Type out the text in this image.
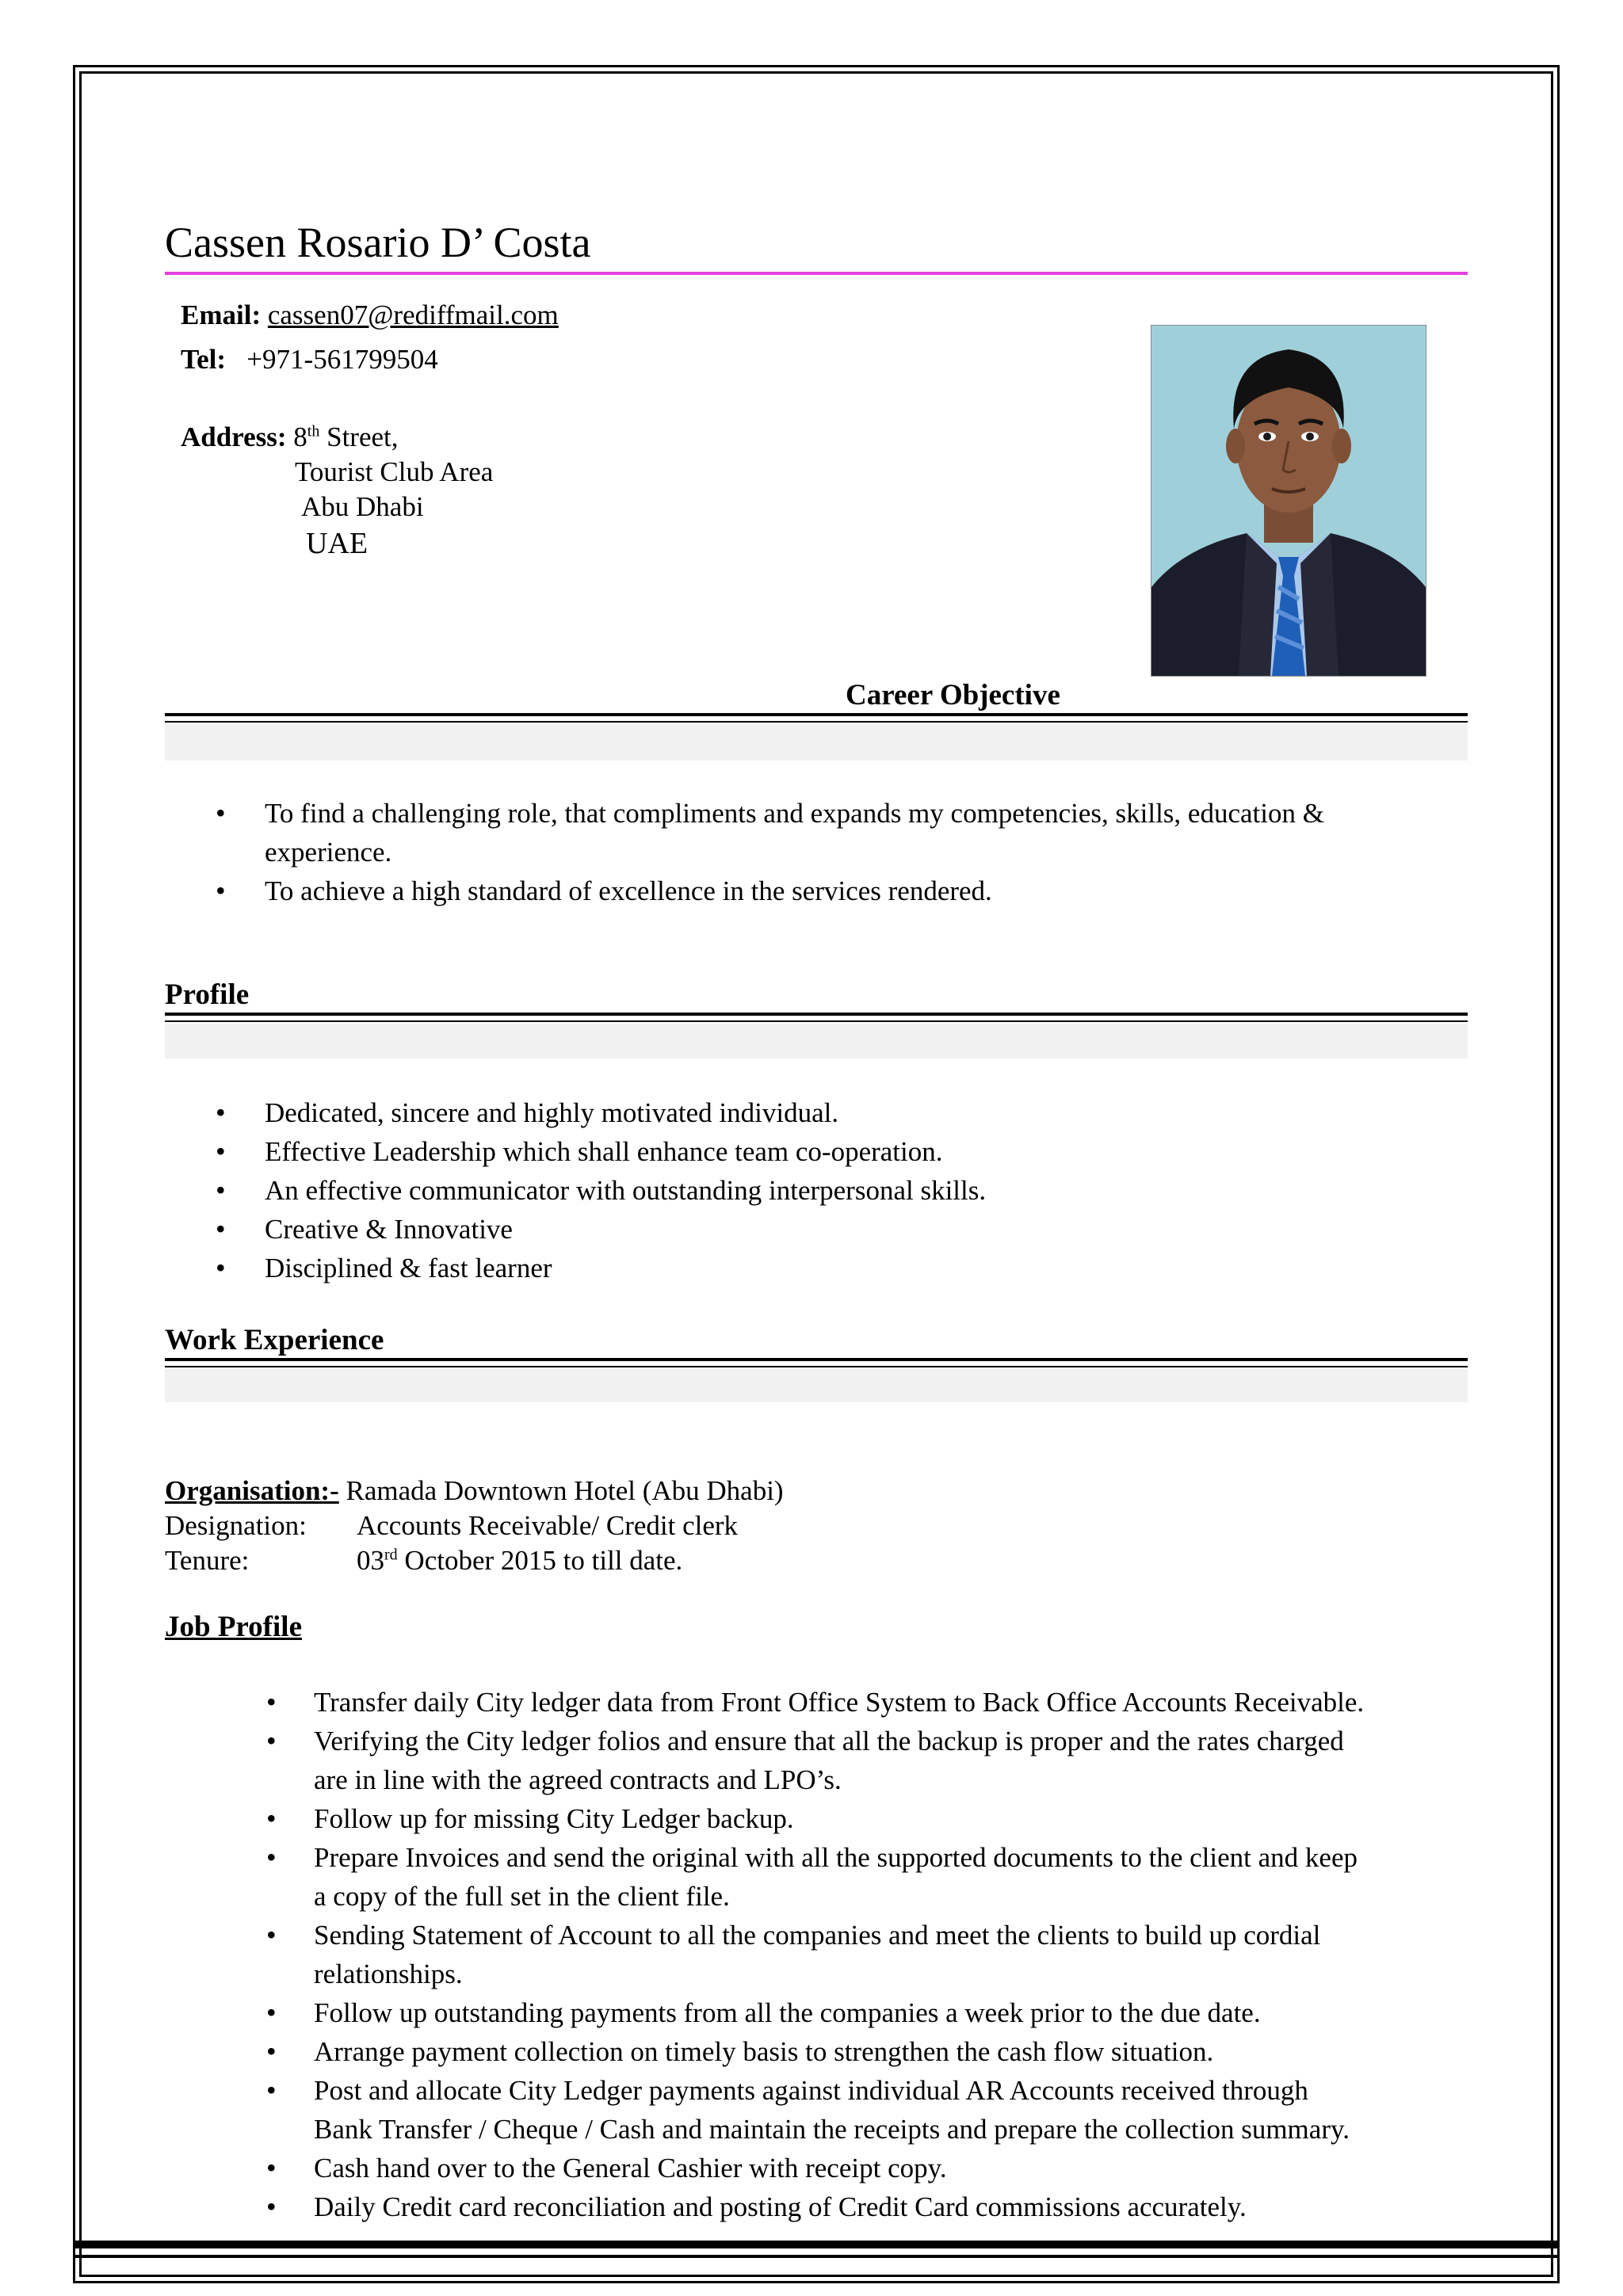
Cassen Rosario D’ Costa
Email: cassen07@rediffmail.com
Tel: +971-561799504
Address: 8th Street,
Tourist Club Area
Abu Dhabi
UAE
Career Objective
• To find a challenging role, that compliments and expands my competencies, skills, education &
experience.
• To achieve a high standard of excellence in the services rendered.
Profile
• Dedicated, sincere and highly motivated individual.
• Effective Leadership which shall enhance team co-operation.
• An effective communicator with outstanding interpersonal skills.
• Creative & Innovative
• Disciplined & fast learner
Work Experience
Organisation:- Ramada Downtown Hotel (Abu Dhabi)
Designation: Accounts Receivable/ Credit clerk
Tenure:	03rd October 2015 to till date.
Job Profile
• Transfer daily City ledger data from Front Office System to Back Office Accounts Receivable.
• Verifying the City ledger folios and ensure that all the backup is proper and the rates charged
are in line with the agreed contracts and LPO’s.
• Follow up for missing City Ledger backup.
• Prepare Invoices and send the original with all the supported documents to the client and keep
a copy of the full set in the client file.
• Sending Statement of Account to all the companies and meet the clients to build up cordial
relationships.
• Follow up outstanding payments from all the companies a week prior to the due date.
• Arrange payment collection on timely basis to strengthen the cash flow situation.
• Post and allocate City Ledger payments against individual AR Accounts received through
Bank Transfer / Cheque / Cash and maintain the receipts and prepare the collection summary.
• Cash hand over to the General Cashier with receipt copy.
• Daily Credit card reconciliation and posting of Credit Card commissions accurately.
